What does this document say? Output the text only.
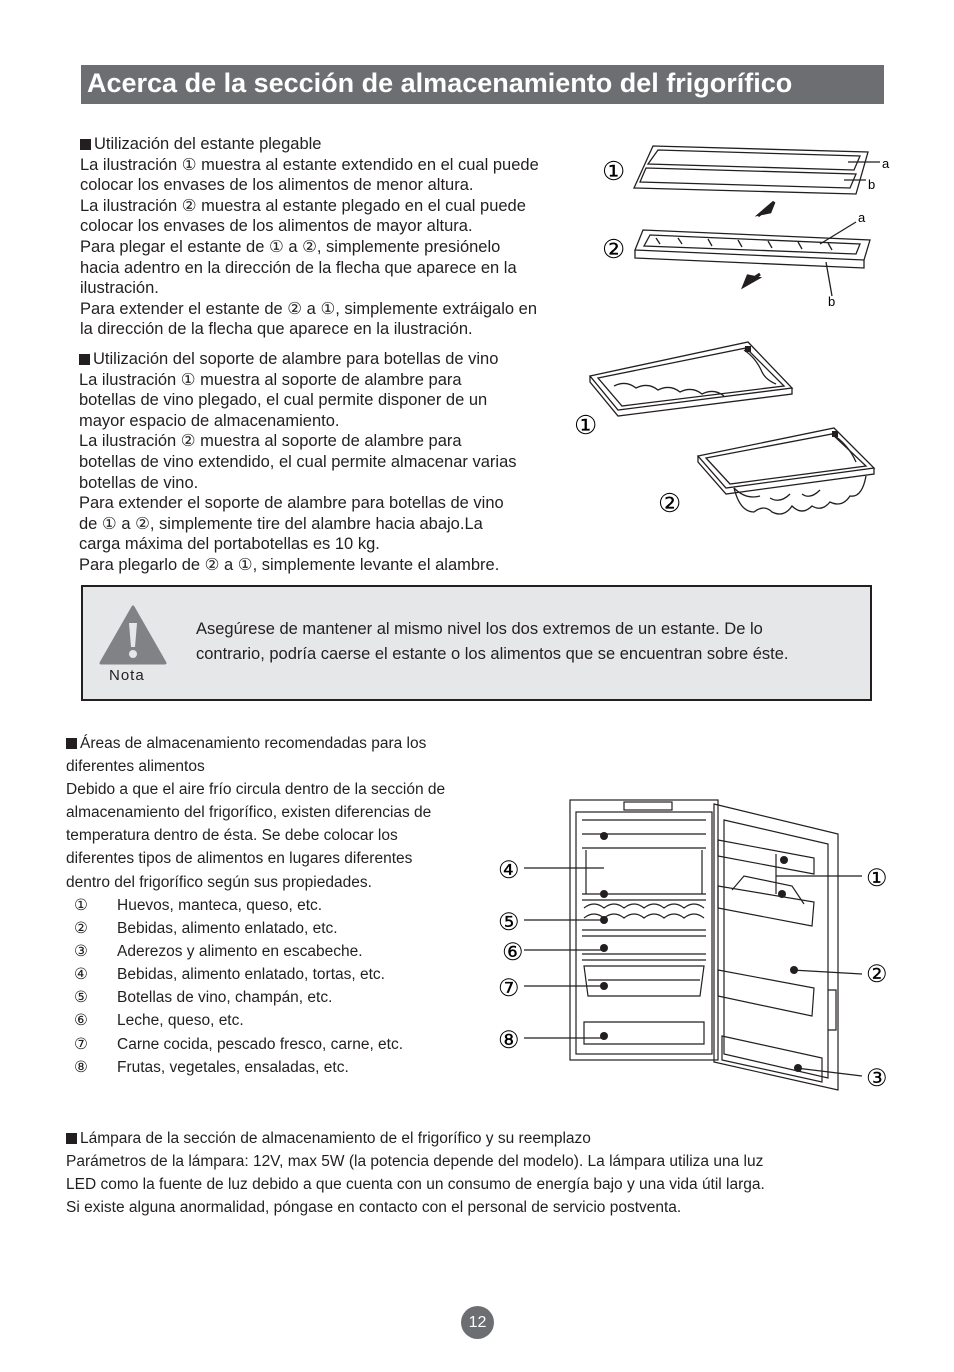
Acerca de la sección de almacenamiento del frigorífico

Utilización del estante plegable

La ilustración ① muestra al estante extendido en el cual puede

colocar los envases de los alimentos de menor altura.

La ilustración ② muestra al estante plegado en el cual puede

colocar los envases de los alimentos de mayor altura.

Para plegar el estante de ① a ②, simplemente presiónelo

hacia adentro en la dirección de la flecha que aparece en la

ilustración.

Para extender el estante de ② a ①, simplemente extráigalo en

la dirección de la flecha que aparece en la ilustración.

①
②
a
b
a
b

Utilización del soporte de alambre para botellas de vino

La ilustración ① muestra al soporte de alambre para

botellas de vino plegado, el cual permite disponer de un

mayor espacio de almacenamiento.

La ilustración ② muestra al soporte de alambre para

botellas de vino extendido, el cual permite almacenar varias

botellas de vino.

Para extender el soporte de alambre para botellas de vino

de ① a ②, simplemente tire del alambre hacia abajo.La

carga máxima del portabotellas es 10 kg.

Para plegarlo de ② a ①, simplemente levante el alambre.

①
②
Nota

Asegúrese de mantener al mismo nivel los dos extremos de un estante. De lo

contrario, podría caerse el estante o los alimentos que se encuentran sobre éste.

Áreas de almacenamiento recomendadas para los

diferentes alimentos

Debido a que el aire frío circula dentro de la sección de

almacenamiento del frigorífico, existen diferencias de

temperatura dentro de ésta. Se debe colocar los

diferentes tipos de alimentos en lugares diferentes

dentro del frigorífico según sus propiedades.

① Huevos, manteca, queso, etc.
② Bebidas, alimento enlatado, etc.
③ Aderezos y alimento en escabeche.
④ Bebidas, alimento enlatado, tortas, etc.
⑤ Botellas de vino, champán, etc.
⑥ Leche, queso, etc.
⑦ Carne cocida, pescado fresco, carne, etc.
⑧ Frutas, vegetales, ensaladas, etc.
④
⑤
⑥
⑦
⑧
①
②
③

Lámpara de la sección de almacenamiento de el frigorífico y su reemplazo

Parámetros de la lámpara: 12V, max 5W (la potencia depende del modelo). La lámpara utiliza una luz

LED como la fuente de luz debido a que cuenta con un consumo de energía bajo y una vida útil larga.

Si existe alguna anormalidad, póngase en contacto con el personal de servicio postventa.

12
